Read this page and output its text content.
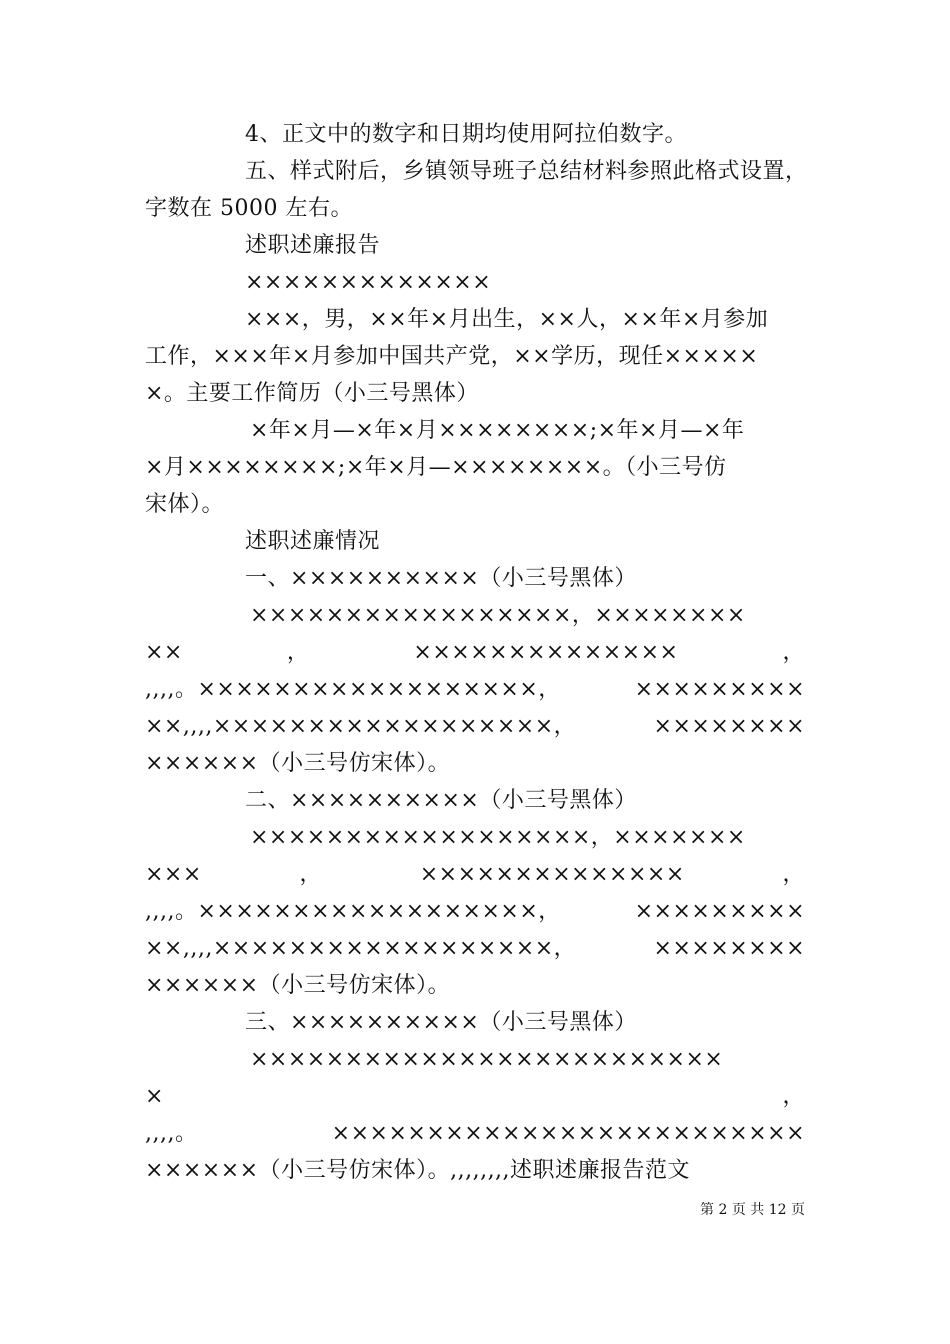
4、正文中的数字和日期均使用阿拉伯数字。
五、样式附后，乡镇领导班子总结材料参照此格式设置，
字数在 5000 左右。
述职述廉报告
×××××××××××××
×××，男，××年×月出生，××人，××年×月参加
工作，×××年×月参加中国共产党，××学历，现任×××××
×。主要工作简历（小三号黑体）
×年×月—×年×月××××××××;×年×月—×年
×月××××××××;×年×月—××××××××。（小三号仿
宋体）。
述职述廉情况
一、××××××××××（小三号黑体）
×××××××××××××××××，××××××××
××	，	××××××××××××××	，
,,,,。××××××××××××××××××，	×××××××××
××,,,,××××××××××××××××××，	××××××××
××××××（小三号仿宋体）。
二、××××××××××（小三号黑体）
××××××××××××××××××，×××××××
×××	，	××××××××××××××	，
,,,,。××××××××××××××××××，	×××××××××
××,,,,××××××××××××××××××，	××××××××
××××××（小三号仿宋体）。
三、××××××××××（小三号黑体）
×××××××××××××××××××××××××
×	，
,,,,。	×××××××××××××××××××××××××
××××××（小三号仿宋体）。,,,,,,,,述职述廉报告范文
第 2 页 共 12 页
